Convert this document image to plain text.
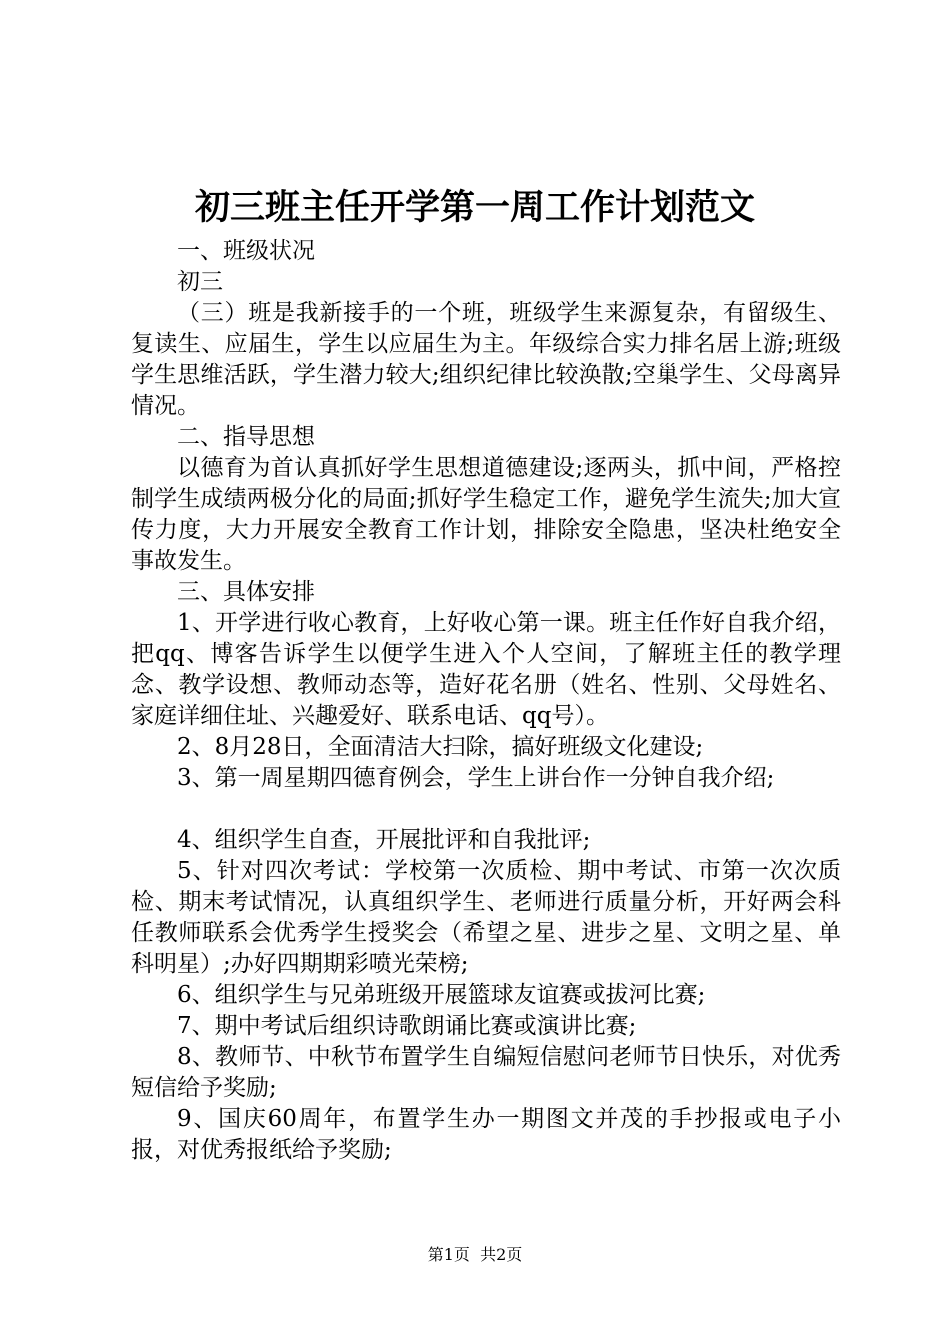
初三班主任开学第一周工作计划范文

一、班级状况

初三

（三）班是我新接手的一个班，班级学生来源复杂，有留级生、复读生、应届生，学生以应届生为主。年级综合实力排名居上游;班级学生思维活跃，学生潜力较大;组织纪律比较涣散;空巢学生、父母离异情况。

二、指导思想

以德育为首认真抓好学生思想道德建设;逐两头，抓中间，严格控制学生成绩两极分化的局面;抓好学生稳定工作，避免学生流失;加大宣传力度，大力开展安全教育工作计划，排除安全隐患，坚决杜绝安全事故发生。

三、具体安排

1、开学进行收心教育，上好收心第一课。班主任作好自我介绍，把qq、博客告诉学生以便学生进入个人空间，了解班主任的教学理念、教学设想、教师动态等，造好花名册（姓名、性别、父母姓名、家庭详细住址、兴趣爱好、联系电话、qq号）。

2、8月28日，全面清洁大扫除，搞好班级文化建设;

3、第一周星期四德育例会，学生上讲台作一分钟自我介绍;

4、组织学生自查，开展批评和自我批评;

5、针对四次考试：学校第一次质检、期中考试、市第一次次质检、期末考试情况，认真组织学生、老师进行质量分析，开好两会科任教师联系会优秀学生授奖会（希望之星、进步之星、文明之星、单科明星）;办好四期期彩喷光荣榜;

6、组织学生与兄弟班级开展篮球友谊赛或拔河比赛;

7、期中考试后组织诗歌朗诵比赛或演讲比赛;

8、教师节、中秋节布置学生自编短信慰问老师节日快乐，对优秀短信给予奖励;

9、国庆60周年，布置学生办一期图文并茂的手抄报或电子小报，对优秀报纸给予奖励;

第1页  共2页
